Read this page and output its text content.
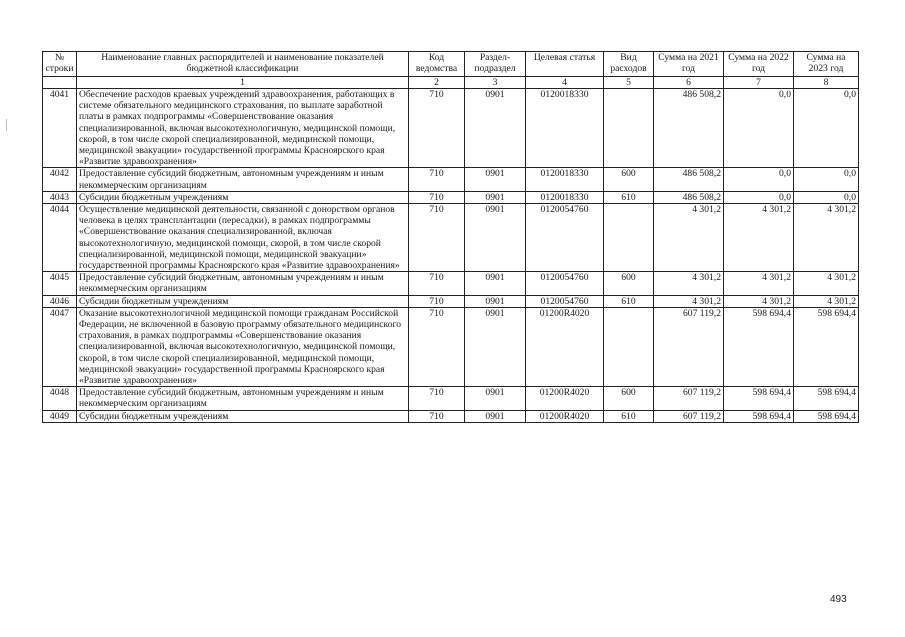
№ строки	Наименование главных распорядителей и наименование показателей бюджетной классификации	Код ведомства	Раздел-подраздел	Целевая статья	Вид расходов	Сумма на 2021 год	Сумма на 2022 год	Сумма на 2023 год
	1	2	3	4	5	6	7	8
4041	Обеспечение расходов краевых учреждений здравоохранения, работающих в системе обязательного медицинского страхования, по выплате заработной платы в рамках подпрограммы «Совершенствование оказания специализированной, включая высокотехнологичную, медицинской помощи, скорой, в том числе скорой специализированной, медицинской помощи, медицинской эвакуации» государственной программы Красноярского края «Развитие здравоохранения»	710	0901	0120018330		486 508,2	0,0	0,0
4042	Предоставление субсидий бюджетным, автономным учреждениям и иным некоммерческим организациям	710	0901	0120018330	600	486 508,2	0,0	0,0
4043	Субсидии бюджетным учреждениям	710	0901	0120018330	610	486 508,2	0,0	0,0
4044	Осуществление медицинской деятельности, связанной с донорством органов человека в целях трансплантации (пересадки), в рамках подпрограммы «Совершенствование оказания специализированной, включая высокотехнологичную, медицинской помощи, скорой, в том числе скорой специализированной, медицинской помощи, медицинской эвакуации» государственной программы Красноярского края «Развитие здравоохранения»	710	0901	0120054760		4 301,2	4 301,2	4 301,2
4045	Предоставление субсидий бюджетным, автономным учреждениям и иным некоммерческим организациям	710	0901	0120054760	600	4 301,2	4 301,2	4 301,2
4046	Субсидии бюджетным учреждениям	710	0901	0120054760	610	4 301,2	4 301,2	4 301,2
4047	Оказание высокотехнологичной медицинской помощи гражданам Российской Федерации, не включенной в базовую программу обязательного медицинского страхования, в рамках подпрограммы «Совершенствование оказания специализированной, включая высокотехнологичную, медицинской помощи, скорой, в том числе скорой специализированной, медицинской помощи, медицинской эвакуации» государственной программы Красноярского края «Развитие здравоохранения»	710	0901	01200R4020		607 119,2	598 694,4	598 694,4
4048	Предоставление субсидий бюджетным, автономным учреждениям и иным некоммерческим организациям	710	0901	01200R4020	600	607 119,2	598 694,4	598 694,4
4049	Субсидии бюджетным учреждениям	710	0901	01200R4020	610	607 119,2	598 694,4	598 694,4
493
